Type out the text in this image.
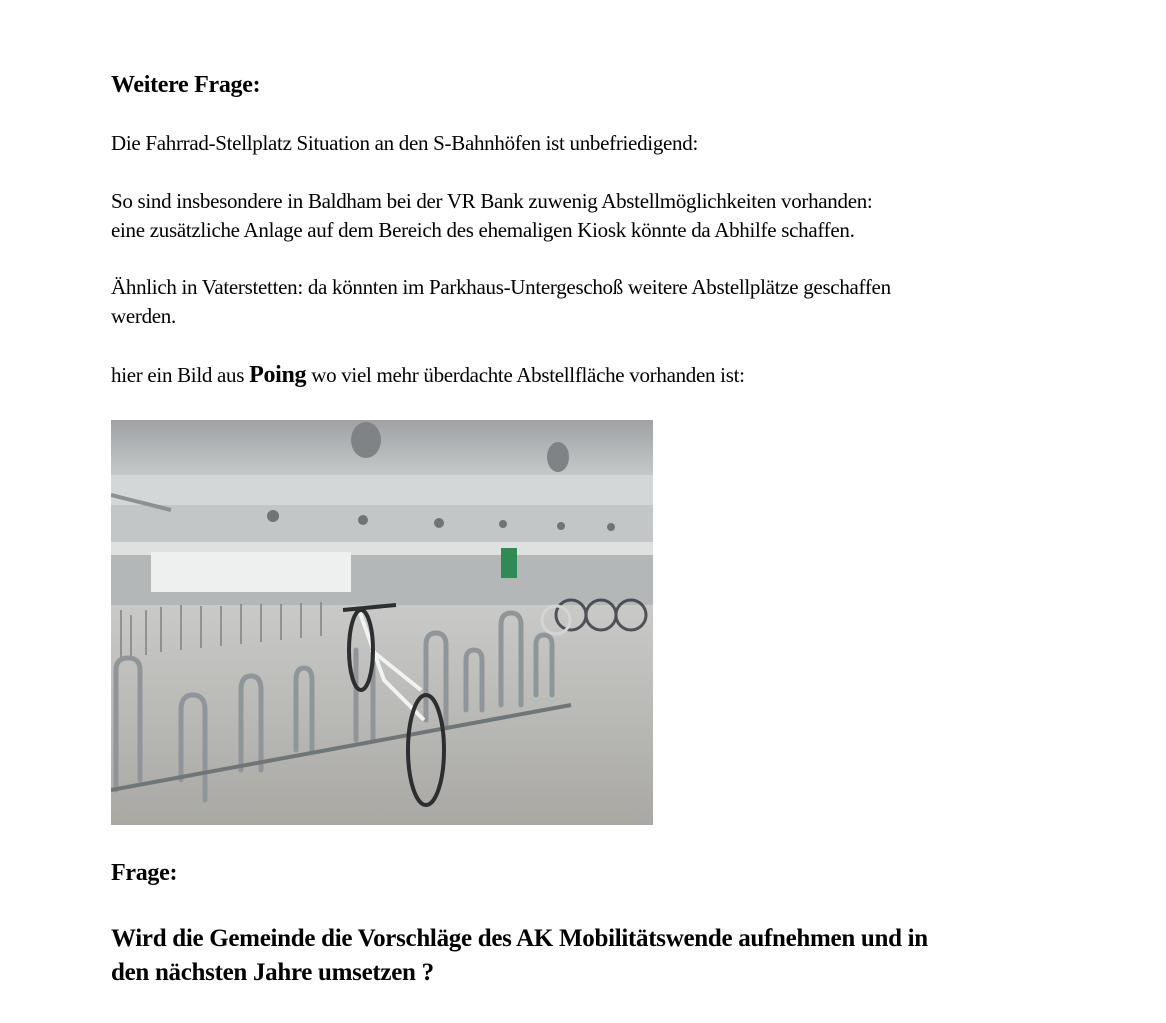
Weitere Frage:
Die Fahrrad-Stellplatz Situation an den S-Bahnhöfen ist unbefriedigend:
So sind insbesondere in Baldham bei der VR Bank zuwenig Abstellmöglichkeiten vorhanden:
eine zusätzliche Anlage auf dem Bereich des ehemaligen Kiosk könnte da Abhilfe schaffen.
Ähnlich in Vaterstetten: da könnten im Parkhaus-Untergeschoß weitere Abstellplätze geschaffen
werden.
hier ein Bild aus Poing wo viel mehr überdachte Abstellfläche vorhanden ist:
Frage:
Wird die Gemeinde die Vorschläge des AK Mobilitätswende aufnehmen und in
den nächsten Jahre umsetzen ?
